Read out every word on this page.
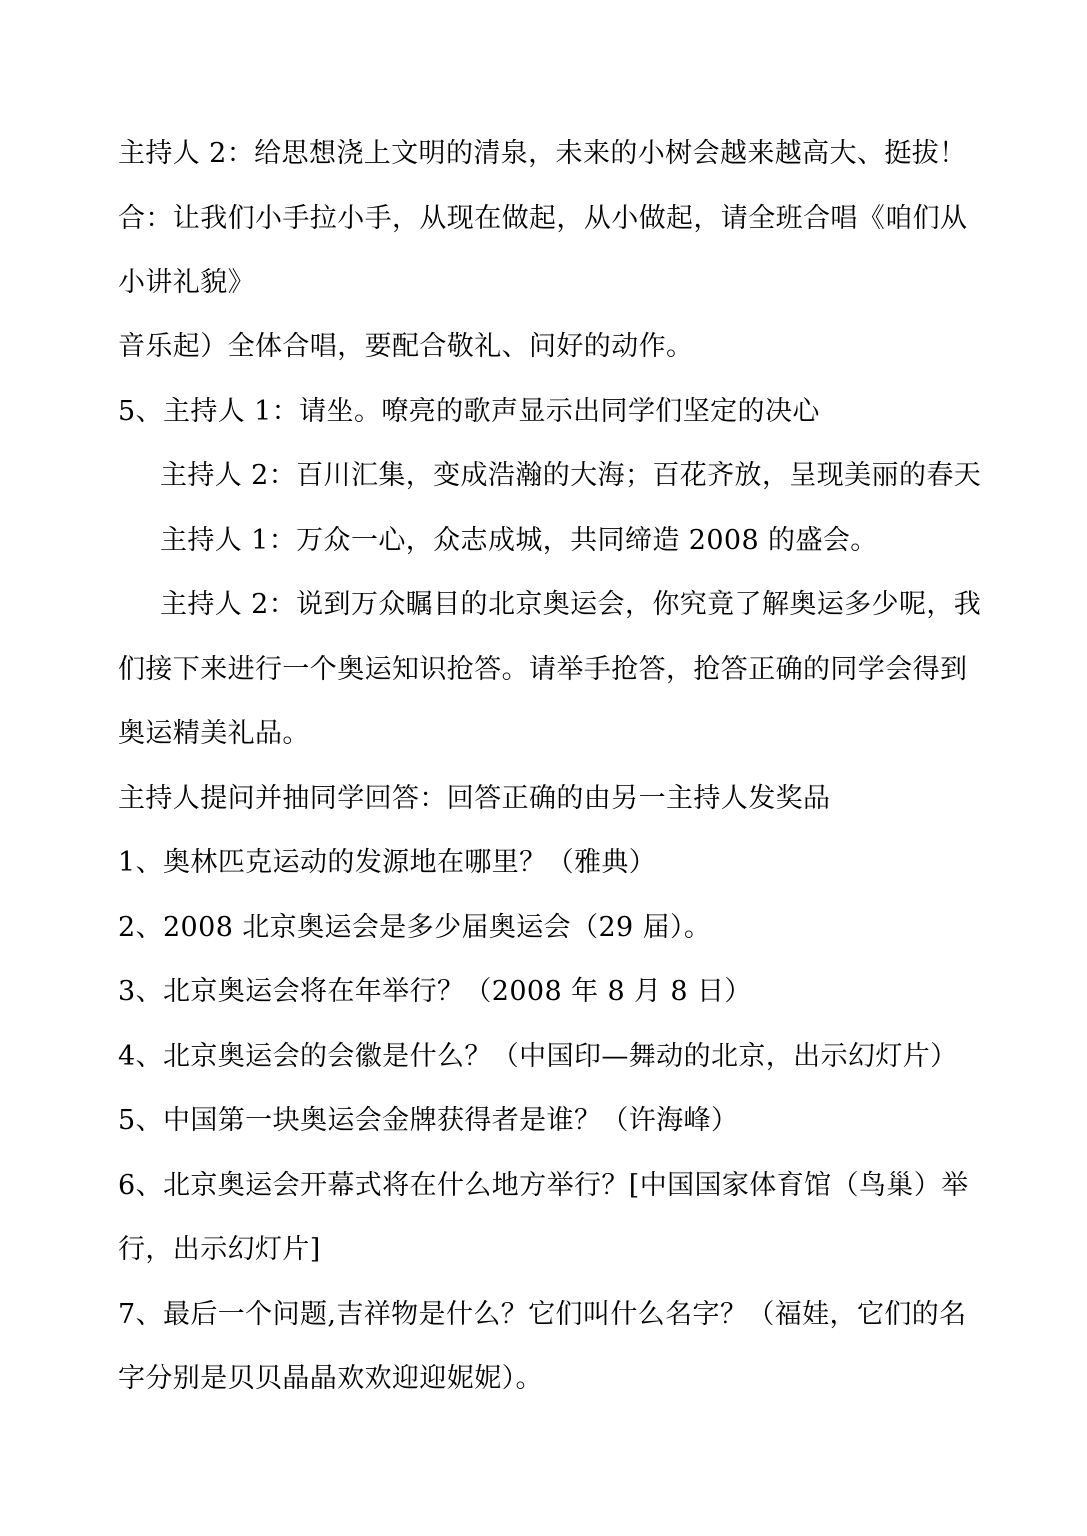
主持人 2：给思想浇上文明的清泉，未来的小树会越来越高大、挺拔！
合：让我们小手拉小手，从现在做起，从小做起，请全班合唱《咱们从
小讲礼貌》
音乐起）全体合唱，要配合敬礼、问好的动作。
5、主持人 1：请坐。嘹亮的歌声显示出同学们坚定的决心
主持人 2：百川汇集，变成浩瀚的大海；百花齐放，呈现美丽的春天
主持人 1：万众一心，众志成城，共同缔造 2008 的盛会。
主持人 2：说到万众瞩目的北京奥运会，你究竟了解奥运多少呢，我
们接下来进行一个奥运知识抢答。请举手抢答，抢答正确的同学会得到
奥运精美礼品。
主持人提问并抽同学回答：回答正确的由另一主持人发奖品
1、奥林匹克运动的发源地在哪里？（雅典）
2、2008 北京奥运会是多少届奥运会（29 届）。
3、北京奥运会将在年举行？（2008 年 8 月 8 日）
4、北京奥运会的会徽是什么？（中国印—舞动的北京，出示幻灯片）
5、中国第一块奥运会金牌获得者是谁？（许海峰）
6、北京奥运会开幕式将在什么地方举行？[中国国家体育馆（鸟巢）举
行，出示幻灯片]
7、最后一个问题,吉祥物是什么？它们叫什么名字？（福娃，它们的名
字分别是贝贝晶晶欢欢迎迎妮妮）。
